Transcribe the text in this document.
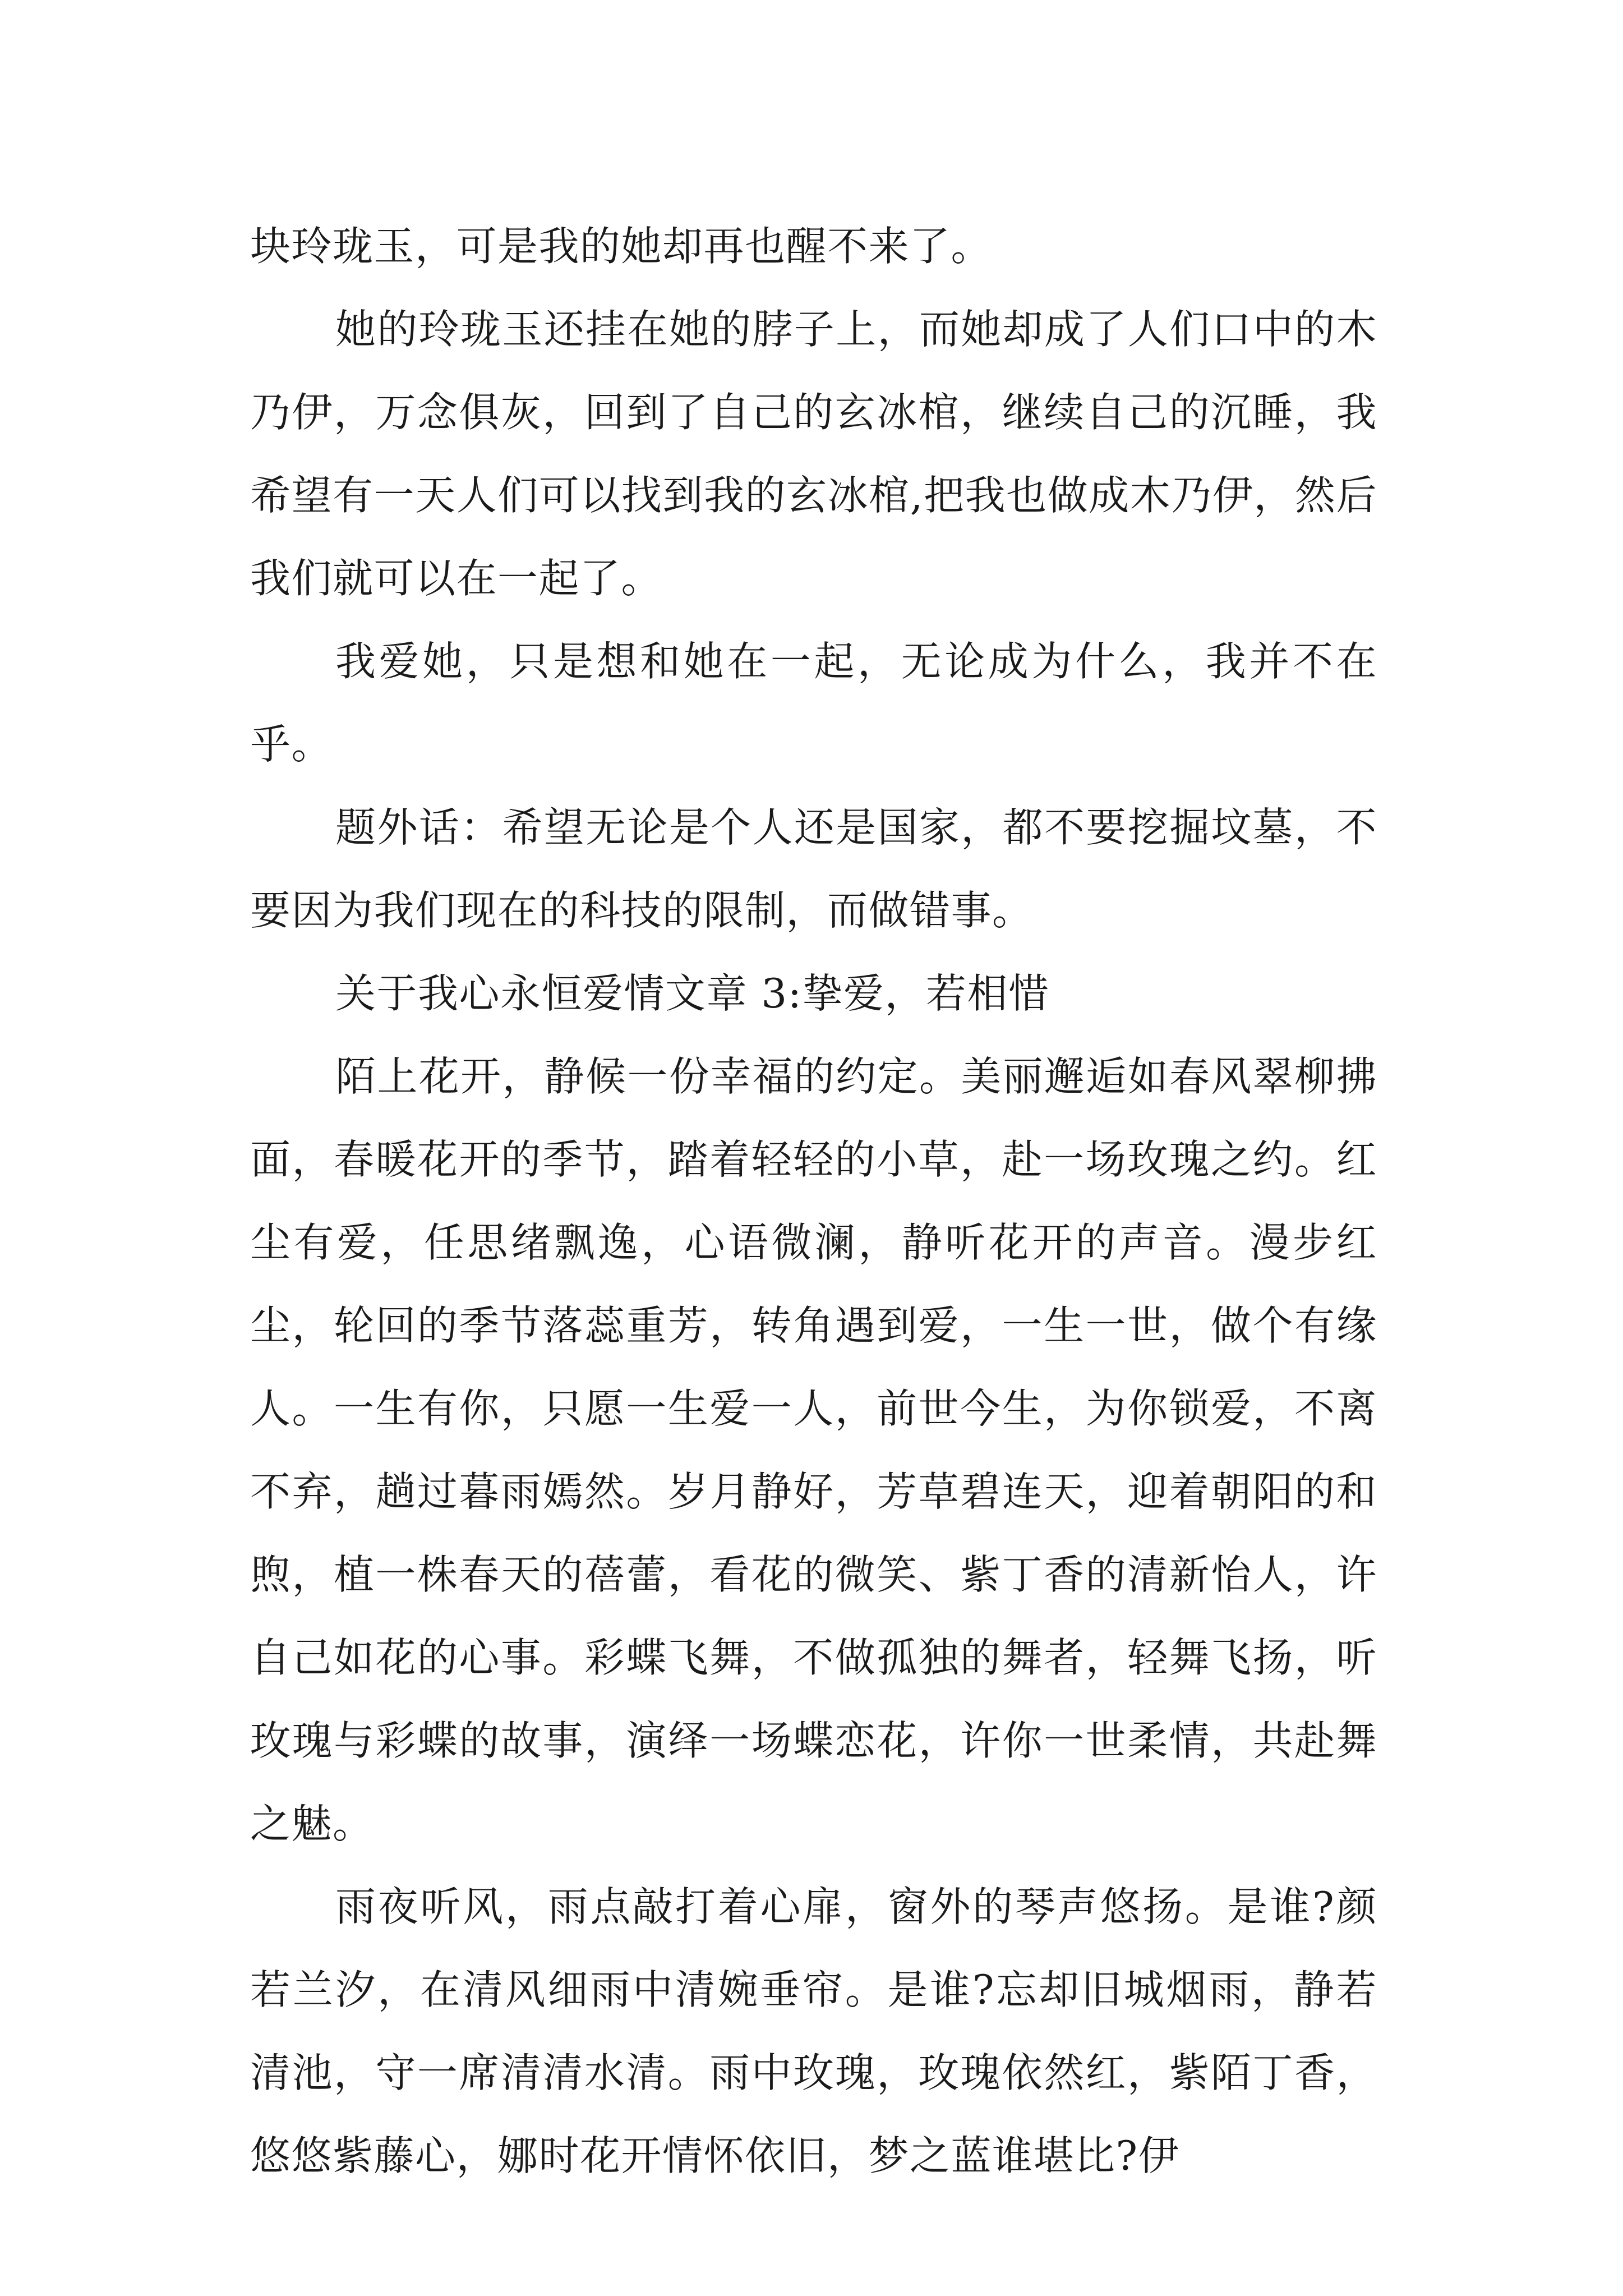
块玲珑玉，可是我的她却再也醒不来了。

她的玲珑玉还挂在她的脖子上，而她却成了人们口中的木乃伊，万念俱灰，回到了自己的玄冰棺，继续自己的沉睡，我希望有一天人们可以找到我的玄冰棺,把我也做成木乃伊，然后我们就可以在一起了。

我爱她，只是想和她在一起，无论成为什么，我并不在乎。

题外话：希望无论是个人还是国家，都不要挖掘坟墓，不要因为我们现在的科技的限制，而做错事。

关于我心永恒爱情文章 3:挚爱，若相惜

陌上花开，静候一份幸福的约定。美丽邂逅如春风翠柳拂面，春暖花开的季节，踏着轻轻的小草，赴一场玫瑰之约。红尘有爱，任思绪飘逸，心语微澜，静听花开的声音。漫步红尘，轮回的季节落蕊重芳，转角遇到爱，一生一世，做个有缘人。一生有你，只愿一生爱一人，前世今生，为你锁爱，不离不弃，趟过暮雨嫣然。岁月静好，芳草碧连天，迎着朝阳的和煦，植一株春天的蓓蕾，看花的微笑、紫丁香的清新怡人，许自己如花的心事。彩蝶飞舞，不做孤独的舞者，轻舞飞扬，听玫瑰与彩蝶的故事，演绎一场蝶恋花，许你一世柔情，共赴舞之魅。

雨夜听风，雨点敲打着心扉，窗外的琴声悠扬。是谁?颜若兰汐，在清风细雨中清婉垂帘。是谁?忘却旧城烟雨，静若清池，守一席清清水清。雨中玫瑰，玫瑰依然红，紫陌丁香，悠悠紫藤心，娜时花开情怀依旧，梦之蓝谁堪比?伊
